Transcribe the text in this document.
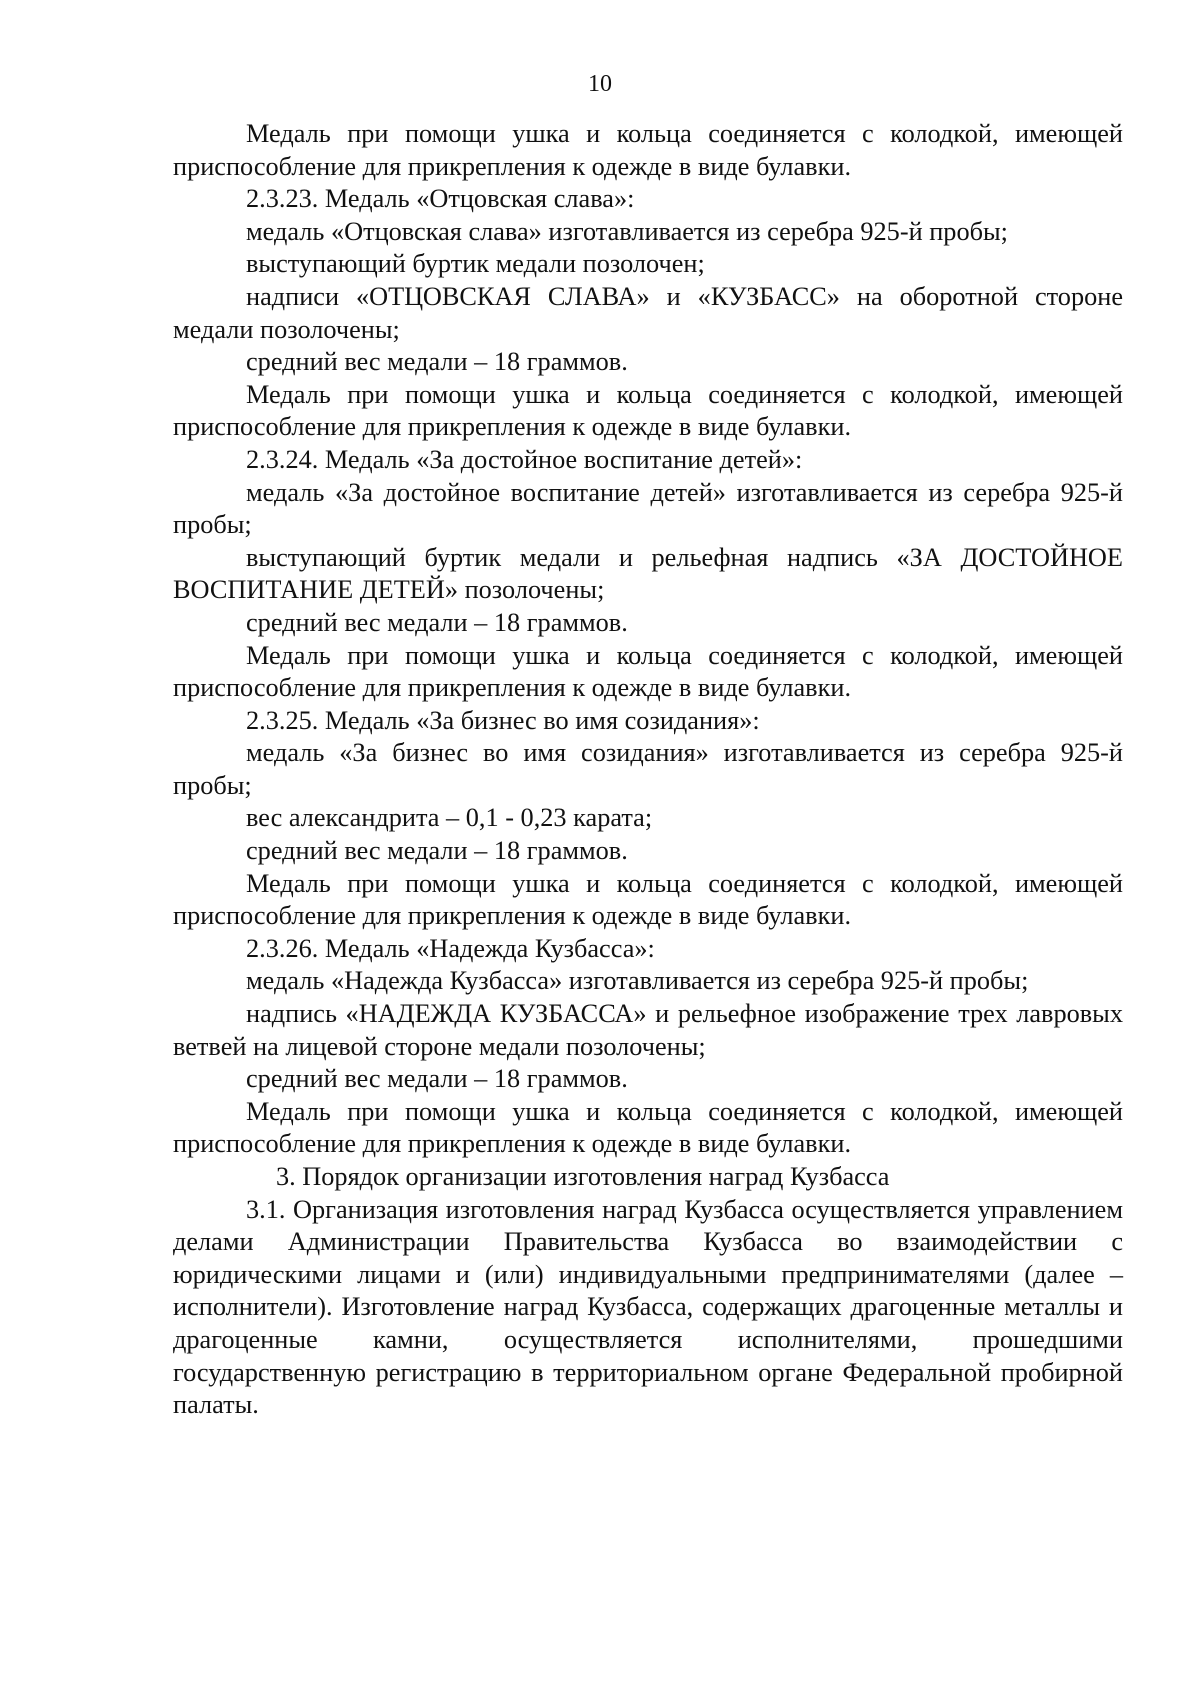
10

Медаль при помощи ушка и кольца соединяется с колодкой, имеющей приспособление для прикрепления к одежде в виде булавки.

2.3.23. Медаль «Отцовская слава»:

медаль «Отцовская слава» изготавливается из серебра 925-й пробы;

выступающий буртик медали позолочен;

надписи «ОТЦОВСКАЯ СЛАВА» и «КУЗБАСС» на оборотной стороне медали позолочены;

средний вес медали – 18 граммов.

Медаль при помощи ушка и кольца соединяется с колодкой, имеющей приспособление для прикрепления к одежде в виде булавки.

2.3.24. Медаль «За достойное воспитание детей»:

медаль «За достойное воспитание детей» изготавливается из серебра 925-й пробы;

выступающий буртик медали и рельефная надпись «ЗА ДОСТОЙНОЕ ВОСПИТАНИЕ ДЕТЕЙ» позолочены;

средний вес медали – 18 граммов.

Медаль при помощи ушка и кольца соединяется с колодкой, имеющей приспособление для прикрепления к одежде в виде булавки.

2.3.25. Медаль «За бизнес во имя созидания»:

медаль «За бизнес во имя созидания» изготавливается из серебра 925-й пробы;

вес александрита – 0,1 - 0,23 карата;

средний вес медали – 18 граммов.

Медаль при помощи ушка и кольца соединяется с колодкой, имеющей приспособление для прикрепления к одежде в виде булавки.

2.3.26. Медаль «Надежда Кузбасса»:

медаль «Надежда Кузбасса» изготавливается из серебра 925-й пробы;

надпись «НАДЕЖДА КУЗБАССА» и рельефное изображение трех лавровых ветвей на лицевой стороне медали позолочены;

средний вес медали – 18 граммов.

Медаль при помощи ушка и кольца соединяется с колодкой, имеющей приспособление для прикрепления к одежде в виде булавки.

3. Порядок организации изготовления наград Кузбасса

3.1. Организация изготовления наград Кузбасса осуществляется управлением делами Администрации Правительства Кузбасса во взаимодействии с юридическими лицами и (или) индивидуальными предпринимателями (далее – исполнители). Изготовление наград Кузбасса, содержащих драгоценные металлы и драгоценные камни, осуществляется исполнителями, прошедшими государственную регистрацию в территориальном органе Федеральной пробирной палаты.
